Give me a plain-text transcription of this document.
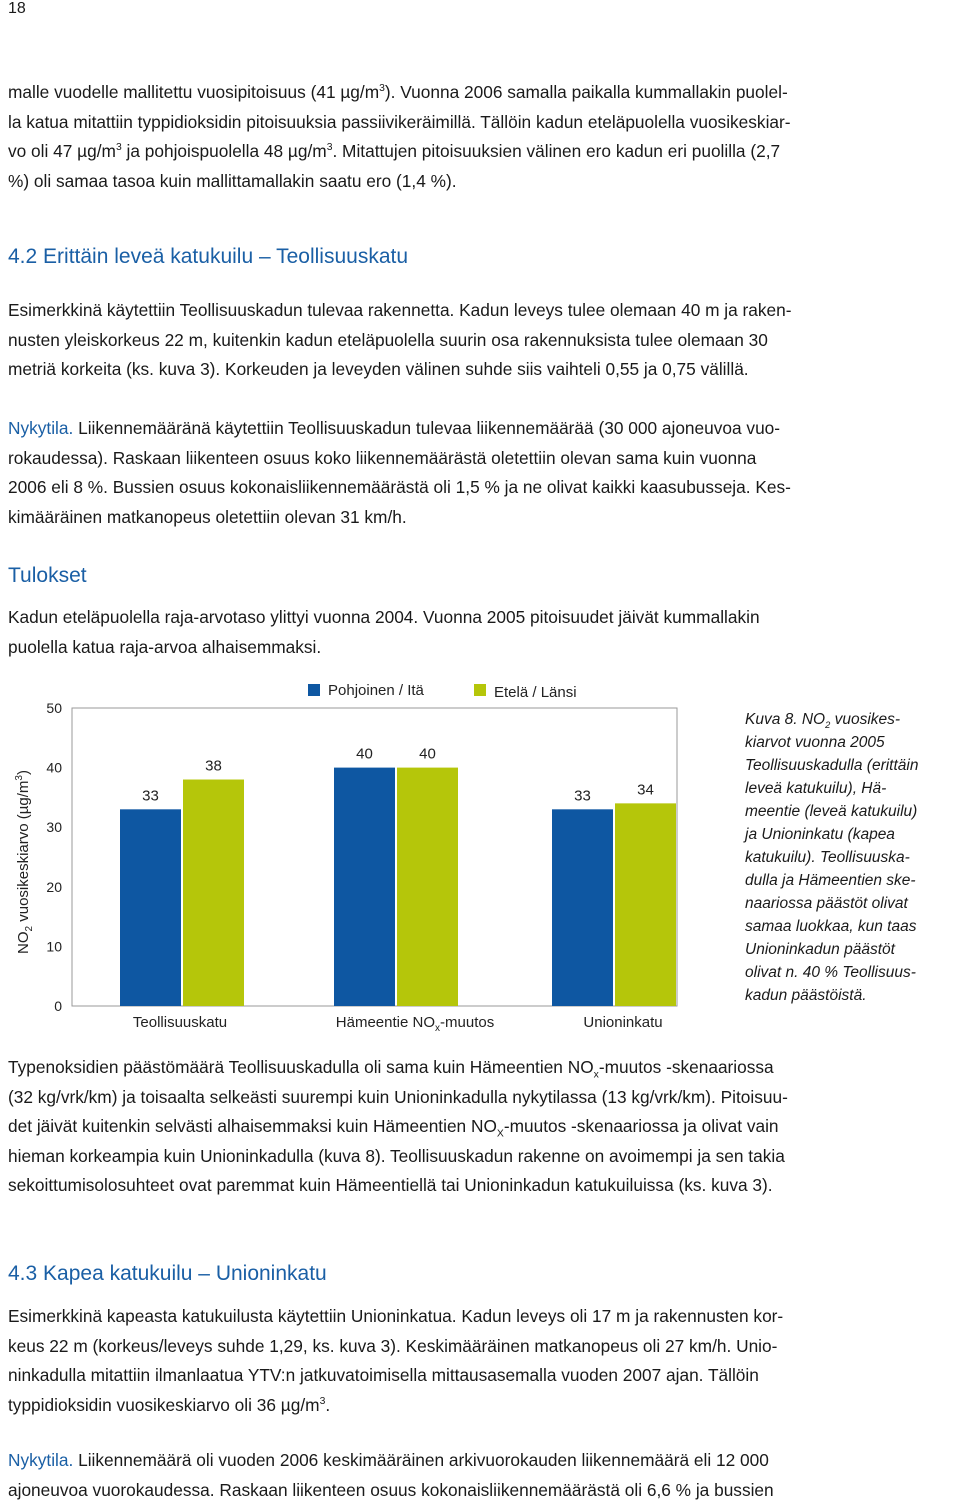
18

malle vuodelle mallitettu vuosipitoisuus (41 $\mu g/m^3$). Vuonna 2006 samalla paikalla kummallakin puolel-

la katua mitattiin typpidioksidin pitoisuuksia passiivikeräimillä. Tällöin kadun eteläpuolella vuosikeskiar-

vo oli 47 $\mu g/m^3$ ja pohjoispuolella 48 $\mu g/m^3$. Mitattujen pitoisuuksien välinen ero kadun eri puolilla (2,7

%) oli samaa tasoa kuin mallittamallakin saatu ero (1,4 %).

4.2 Erittäin leveä katukuilu – Teollisuuskatu

Esimerkkinä käytettiin Teollisuuskadun tulevaa rakennetta. Kadun leveys tulee olemaan 40 m ja raken-

nusten yleiskorkeus 22 m, kuitenkin kadun eteläpuolella suurin osa rakennuksista tulee olemaan 30

metriä korkeita (ks. kuva 3). Korkeuden ja leveyden välinen suhde siis vaihteli 0,55 ja 0,75 välillä.

Nykytila. Liikennemääränä käytettiin Teollisuuskadun tulevaa liikennemäärää (30 000 ajoneuvoa vuo-

rokaudessa). Raskaan liikenteen osuus koko liikennemäärästä oletettiin olevan sama kuin vuonna

2006 eli 8 %. Bussien osuus kokonaisliikennemäärästä oli 1,5 % ja ne olivat kaikki kaasubusseja. Kes-

kimääräinen matkanopeus oletettiin olevan 31 km/h.

Tulokset

Kadun eteläpuolella raja-arvotaso ylittyi vuonna 2004. Vuonna 2005 pitoisuudet jäivät kummallakin

puolella katua raja-arvoa alhaisemmaksi.

$NO_2$ vuosikeskiarvo $(\mu g/m^3)$
0
10
20
30
40
50
33
40
33
38
40
34
Pohjoinen / Itä	Etelä / Länsi
Teollisuuskatu	Hämeentie $NO_x$-muutos	Unioninkatu
Kuva 8. $NO_2$ vuosikes-
kiarvot vuonna 2005
Teollisuuskadulla (erittäin
leveä katukuilu), Hä-
meentie (leveä katukuilu)
ja Unioninkatu (kapea
katukuilu). Teollisuuska-
dulla ja Hämeentien ske-
naariossa päästöt olivat
samaa luokkaa, kun taas
Unioninkadun päästöt
olivat n. 40 % Teollisuus-
kadun päästöistä.

Typenoksidien päästömäärä Teollisuuskadulla oli sama kuin Hämeentien $NO_x$-muutos -skenaariossa

(32 kg/vrk/km) ja toisaalta selkeästi suurempi kuin Unioninkadulla nykytilassa (13 kg/vrk/km). Pitoisuu-

det jäivät kuitenkin selvästi alhaisemmaksi kuin Hämeentien $NO_X$-muutos -skenaariossa ja olivat vain

hieman korkeampia kuin Unioninkadulla (kuva 8). Teollisuuskadun rakenne on avoimempi ja sen takia

sekoittumisolosuhteet ovat paremmat kuin Hämeentiellä tai Unioninkadun katukuiluissa (ks. kuva 3).

4.3 Kapea katukuilu – Unioninkatu

Esimerkkinä kapeasta katukuilusta käytettiin Unioninkatua. Kadun leveys oli 17 m ja rakennusten kor-

keus 22 m (korkeus/leveys suhde 1,29, ks. kuva 3). Keskimääräinen matkanopeus oli 27 km/h. Unio-

ninkadulla mitattiin ilmanlaatua YTV:n jatkuvatoimisella mittausasemalla vuoden 2007 ajan. Tällöin

typpidioksidin vuosikeskiarvo oli 36 $\mu g/m^3$.

Nykytila. Liikennemäärä oli vuoden 2006 keskimääräinen arkivuorokauden liikennemäärä eli 12 000

ajoneuvoa vuorokaudessa. Raskaan liikenteen osuus kokonaisliikennemäärästä oli 6,6 % ja bussien
